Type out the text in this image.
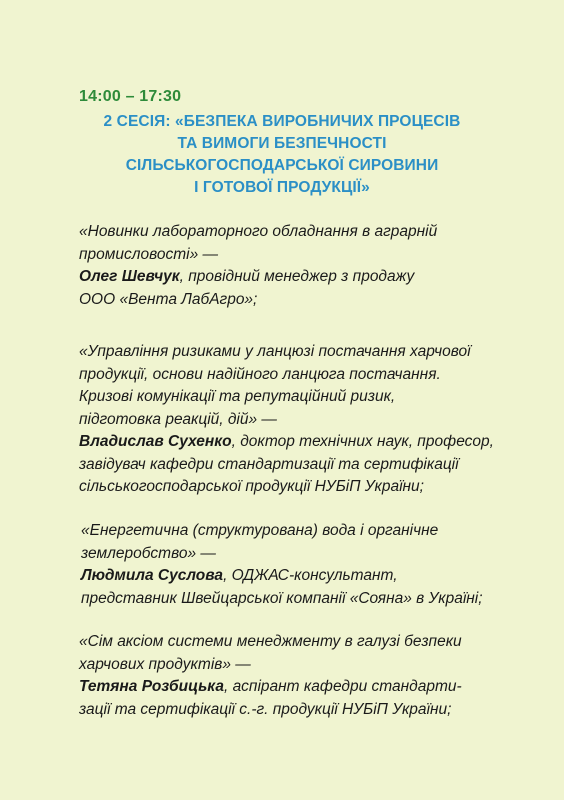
14:00 – 17:30
2 СЕСІЯ: «БЕЗПЕКА ВИРОБНИЧИХ ПРОЦЕСІВ
ТА ВИМОГИ БЕЗПЕЧНОСТІ
СІЛЬСЬКОГОСПОДАРСЬКОЇ СИРОВИНИ
І ГОТОВОЇ ПРОДУКЦІЇ»
«Новинки лабораторного обладнання в аграрній
промисловості» —
Олег Шевчук, провідний менеджер з продажу
ООО «Вента ЛабАгро»;
«Управління ризиками у ланцюзі постачання харчової
продукції, основи надійного ланцюга постачання.
Кризові комунікації та репутаційний ризик,
підготовка реакцій, дій» —
Владислав Сухенко, доктор технічних наук, професор,
завідувач кафедри стандартизації та сертифікації
сільськогосподарської продукції НУБіП України;
«Енергетична (структурована) вода і органічне
землеробство» —
Людмила Суслова, ОДЖАС-консультант,
представник Швейцарської компанії «Сояна» в Україні;
«Сім аксіом системи менеджменту в галузі безпеки
харчових продуктів» —
Тетяна Розбицька, аспірант кафедри стандарти-
зації та сертифікації с.-г. продукції НУБіП України;
